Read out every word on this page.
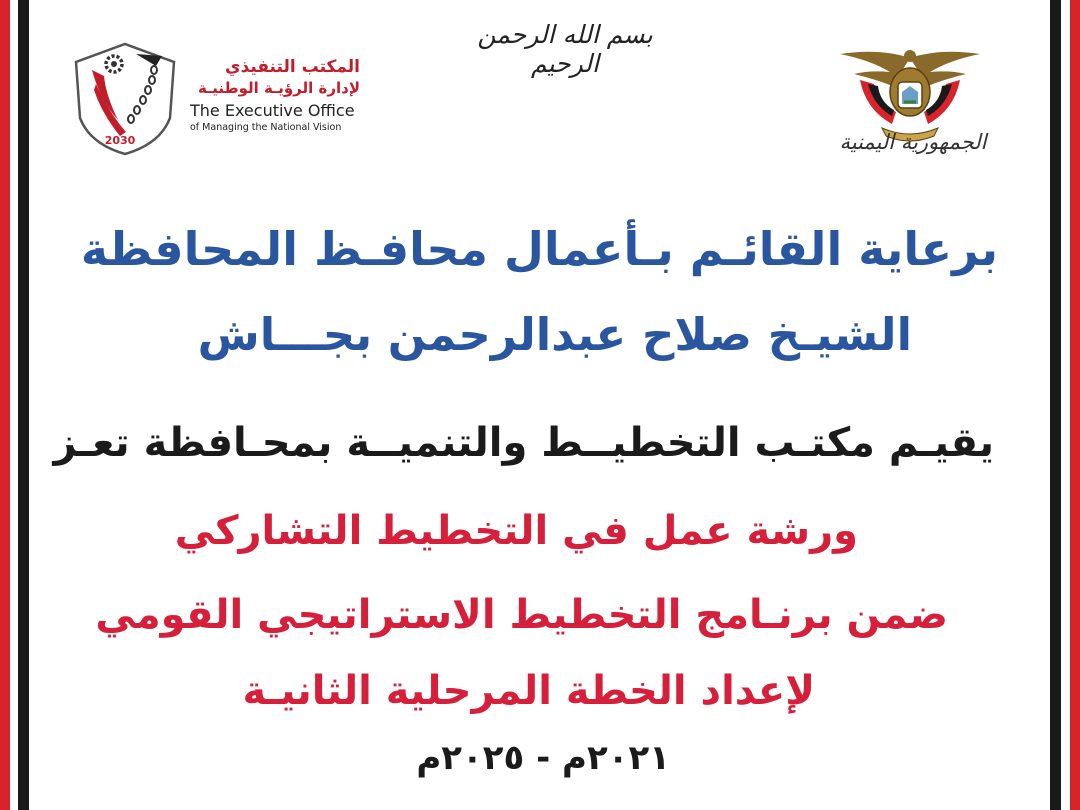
2030
المكتب التنفيذي
لإدارة الرؤيـة الوطنيـة
The Executive Office
of Managing the National Vision
بسم الله الرحمن الرحيم
الجمهورية اليمنية
برعاية القائـم بـأعمال محافـظ المحافظة
الشيـخ صلاح عبدالرحمن بجـــاش
يقيـم مكتـب التخطيــط والتنميــة بمحـافظة تعـز
ورشة عمل في التخطيط التشاركي
ضمن برنـامج التخطيط الاستراتيجي القومي
لإعداد الخطة المرحلية الثانيـة
٢٠٢١م - ٢٠٢٥م
